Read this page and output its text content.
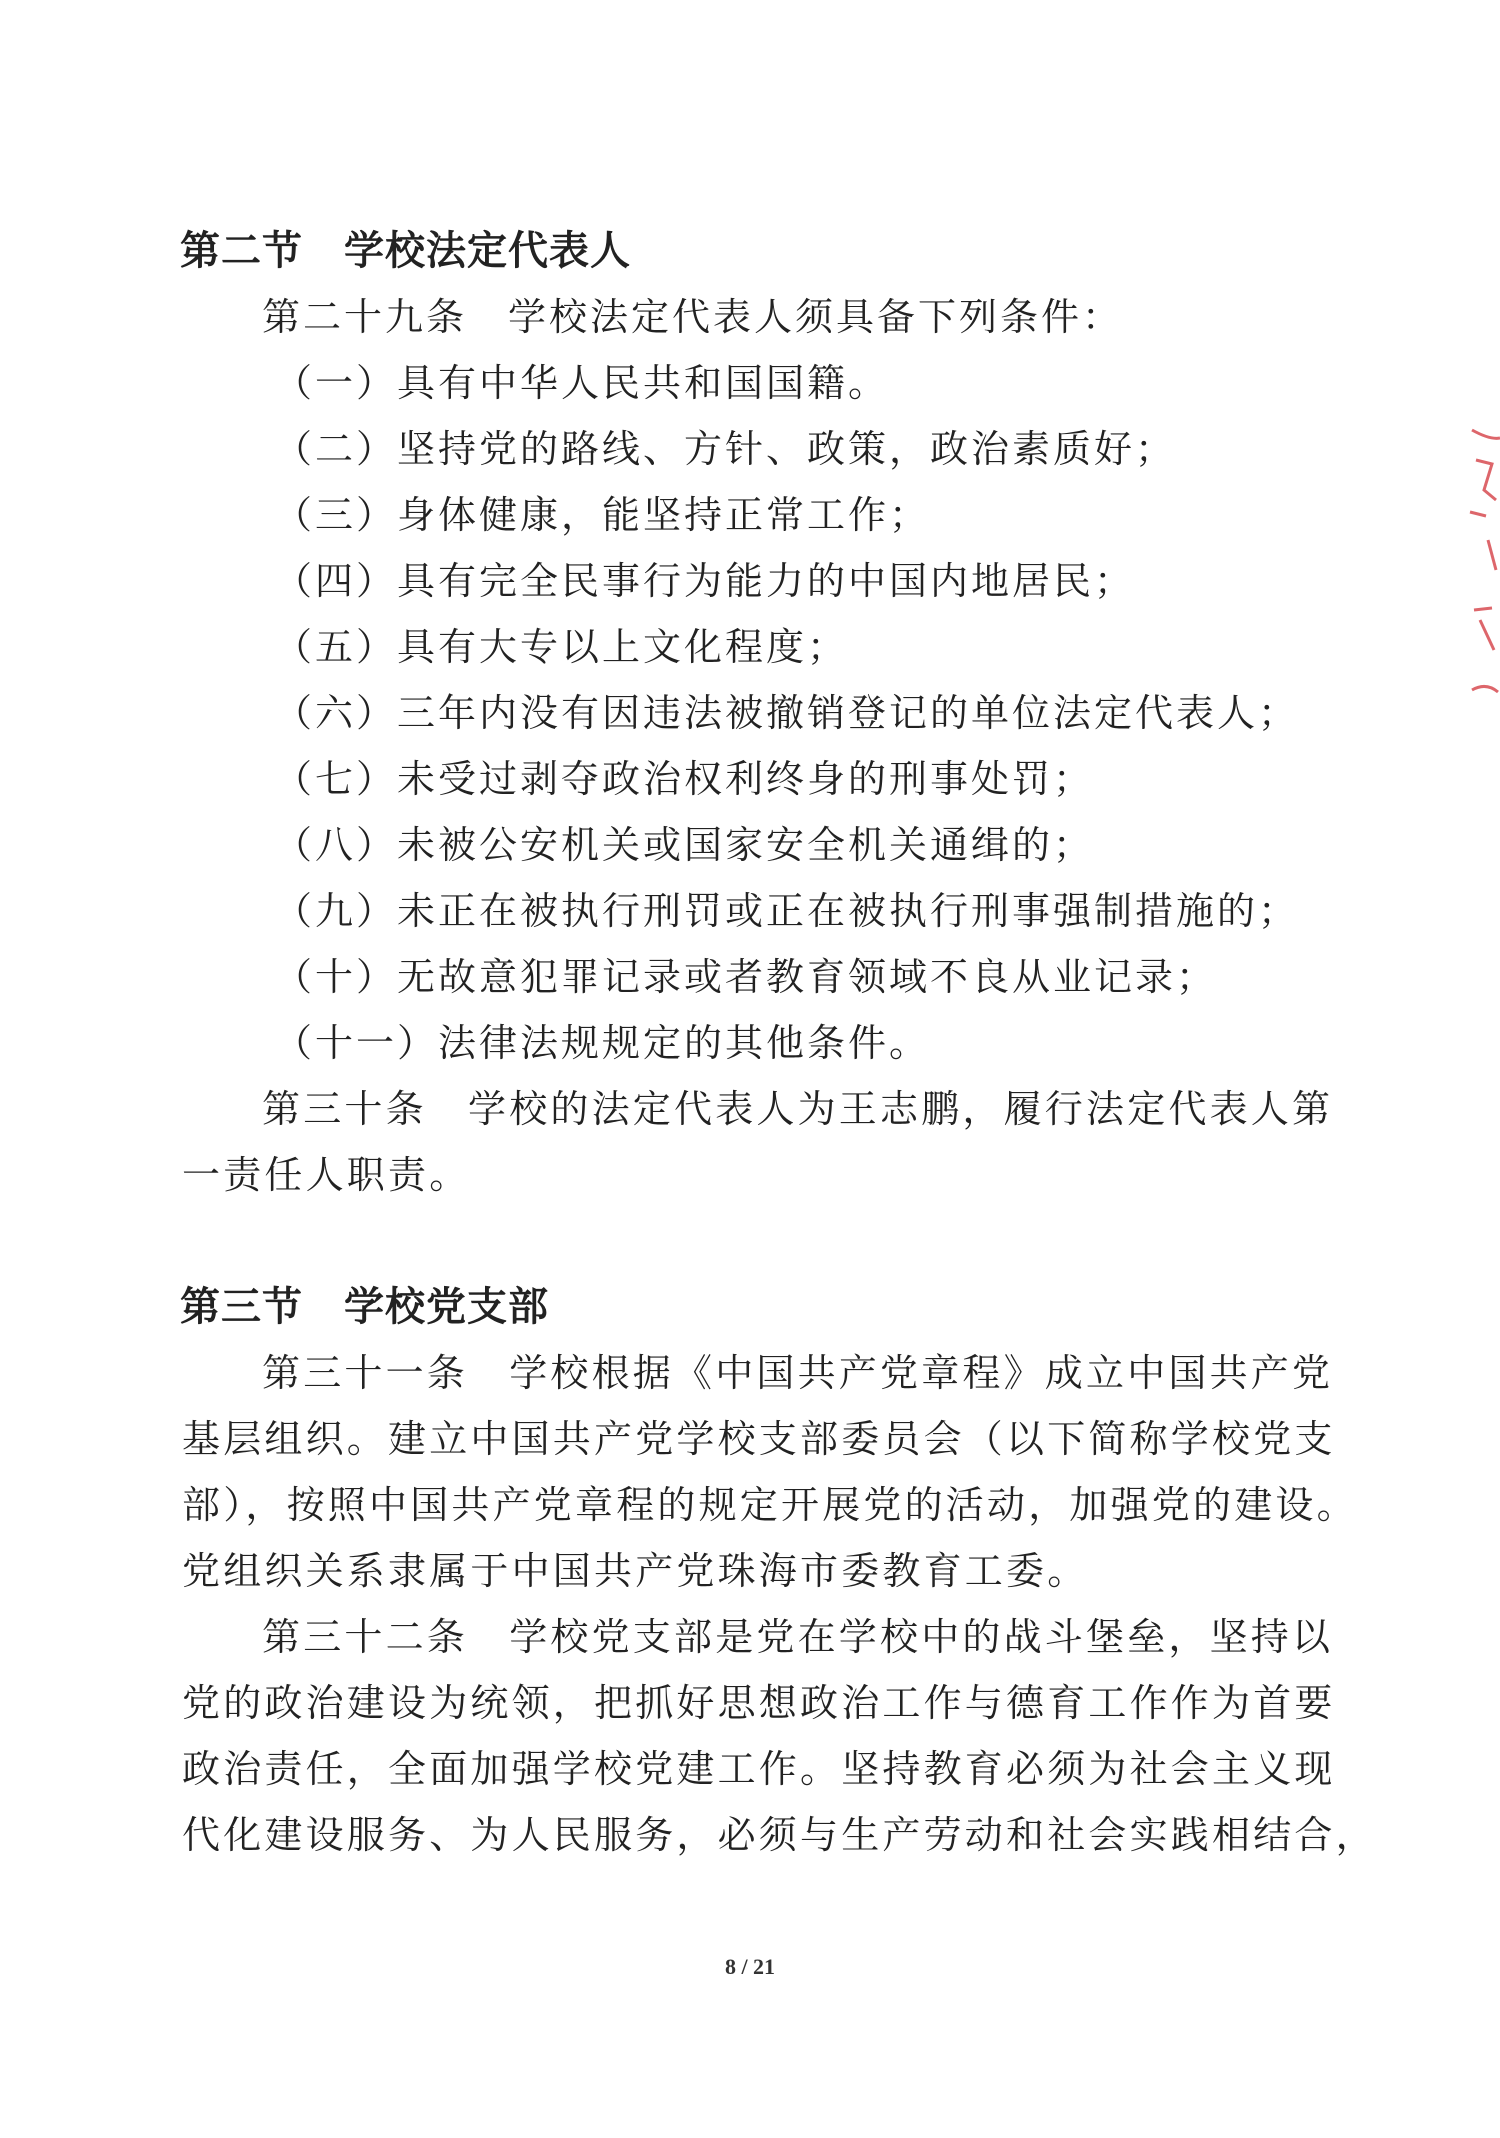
第二节　学校法定代表人
第二十九条　学校法定代表人须具备下列条件：
（一）具有中华人民共和国国籍。
（二）坚持党的路线、方针、政策，政治素质好；
（三）身体健康，能坚持正常工作；
（四）具有完全民事行为能力的中国内地居民；
（五）具有大专以上文化程度；
（六）三年内没有因违法被撤销登记的单位法定代表人；
（七）未受过剥夺政治权利终身的刑事处罚；
（八）未被公安机关或国家安全机关通缉的；
（九）未正在被执行刑罚或正在被执行刑事强制措施的；
（十）无故意犯罪记录或者教育领域不良从业记录；
（十一）法律法规规定的其他条件。
第三十条　学校的法定代表人为王志鹏，履行法定代表人第
一责任人职责。
第三节　学校党支部
第三十一条　学校根据《中国共产党章程》成立中国共产党
基层组织。建立中国共产党学校支部委员会（以下简称学校党支
部），按照中国共产党章程的规定开展党的活动，加强党的建设。
党组织关系隶属于中国共产党珠海市委教育工委。
第三十二条　学校党支部是党在学校中的战斗堡垒，坚持以
党的政治建设为统领，把抓好思想政治工作与德育工作作为首要
政治责任，全面加强学校党建工作。坚持教育必须为社会主义现
代化建设服务、为人民服务，必须与生产劳动和社会实践相结合，
8 / 21
